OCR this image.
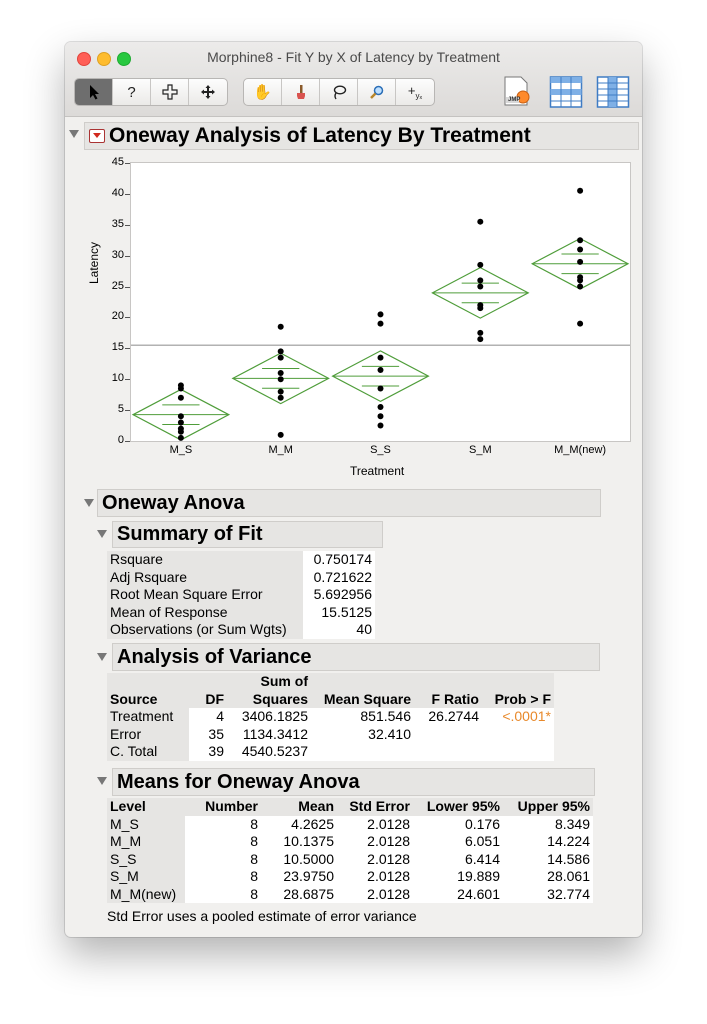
Morphine8 - Fit Y by X of Latency by Treatment
?	✋	$+_{y_x}$	JMP
Oneway Analysis of Latency By Treatment
0
5
10
15
20
25
30
35
40
45
Latency
M_S	M_M	S_S	S_M	M_M(new)
Treatment
Oneway Anova
Summary of Fit
Rsquare	0.750174
Adj Rsquare	0.721622
Root Mean Square Error	5.692956
Mean of Response	15.5125
Observations (or Sum Wgts)	40
Analysis of Variance
		Sum of			
Source	DF	Squares	Mean Square	F Ratio	Prob > F
Treatment	4	3406.1825	851.546	26.2744	<.0001*
Error	35	1134.3412	32.410		
C. Total	39	4540.5237			
Means for Oneway Anova
Level	Number	Mean	Std Error	Lower 95%	Upper 95%
M_S	8	4.2625	2.0128	0.176	8.349
M_M	8	10.1375	2.0128	6.051	14.224
S_S	8	10.5000	2.0128	6.414	14.586
S_M	8	23.9750	2.0128	19.889	28.061
M_M(new)	8	28.6875	2.0128	24.601	32.774
Std Error uses a pooled estimate of error variance
